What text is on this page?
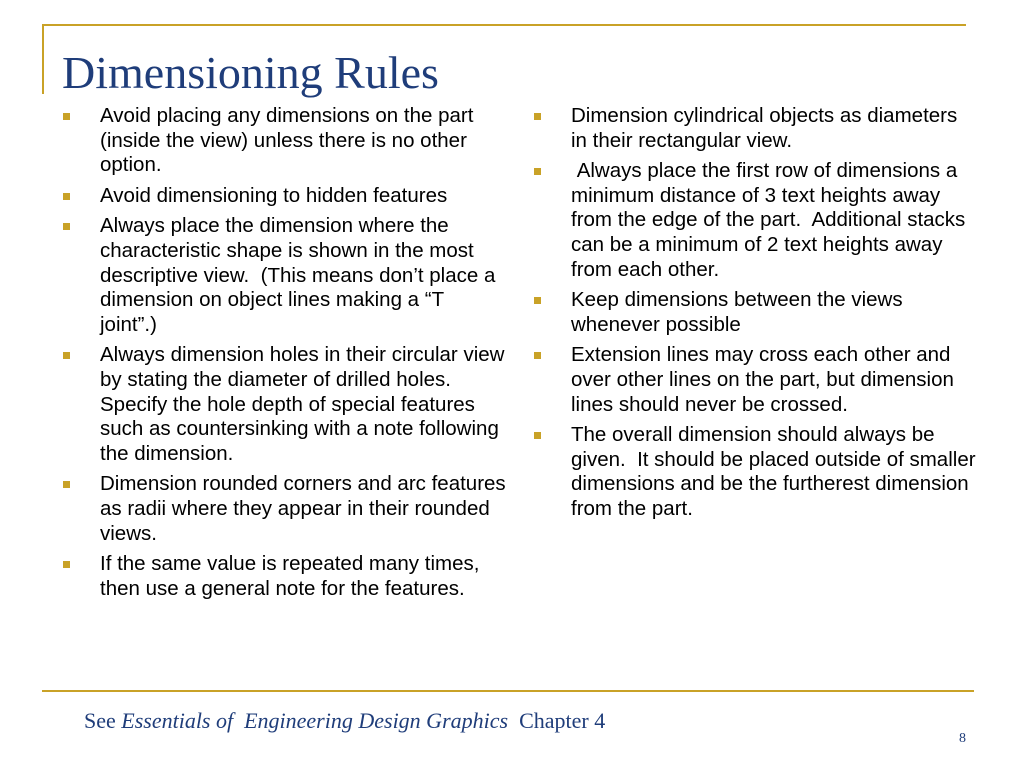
Dimensioning Rules
Avoid placing any dimensions on the part (inside the view) unless there is no other option.
Avoid dimensioning to hidden features
Always place the dimension where the characteristic shape is shown in the most descriptive view.  (This means don’t place a dimension on object lines making a “T joint”.)
Always dimension holes in their circular view by stating the diameter of drilled holes.  Specify the hole depth of special features such as countersinking with a note following the dimension.
Dimension rounded corners and arc features as radii where they appear in their rounded views.
If the same value is repeated many times, then use a general note for the features.
Dimension cylindrical objects as diameters in their rectangular view.
Always place the first row of dimensions a minimum distance of 3 text heights away from the edge of the part.  Additional stacks can be a minimum of 2 text heights away from each other.
Keep dimensions between the views whenever possible
Extension lines may cross each other and over other lines on the part, but dimension lines should never be crossed.
The overall dimension should always be given.  It should be placed outside of smaller dimensions and be the furtherest dimension from the part.
See Essentials of  Engineering Design Graphics  Chapter 4
8
